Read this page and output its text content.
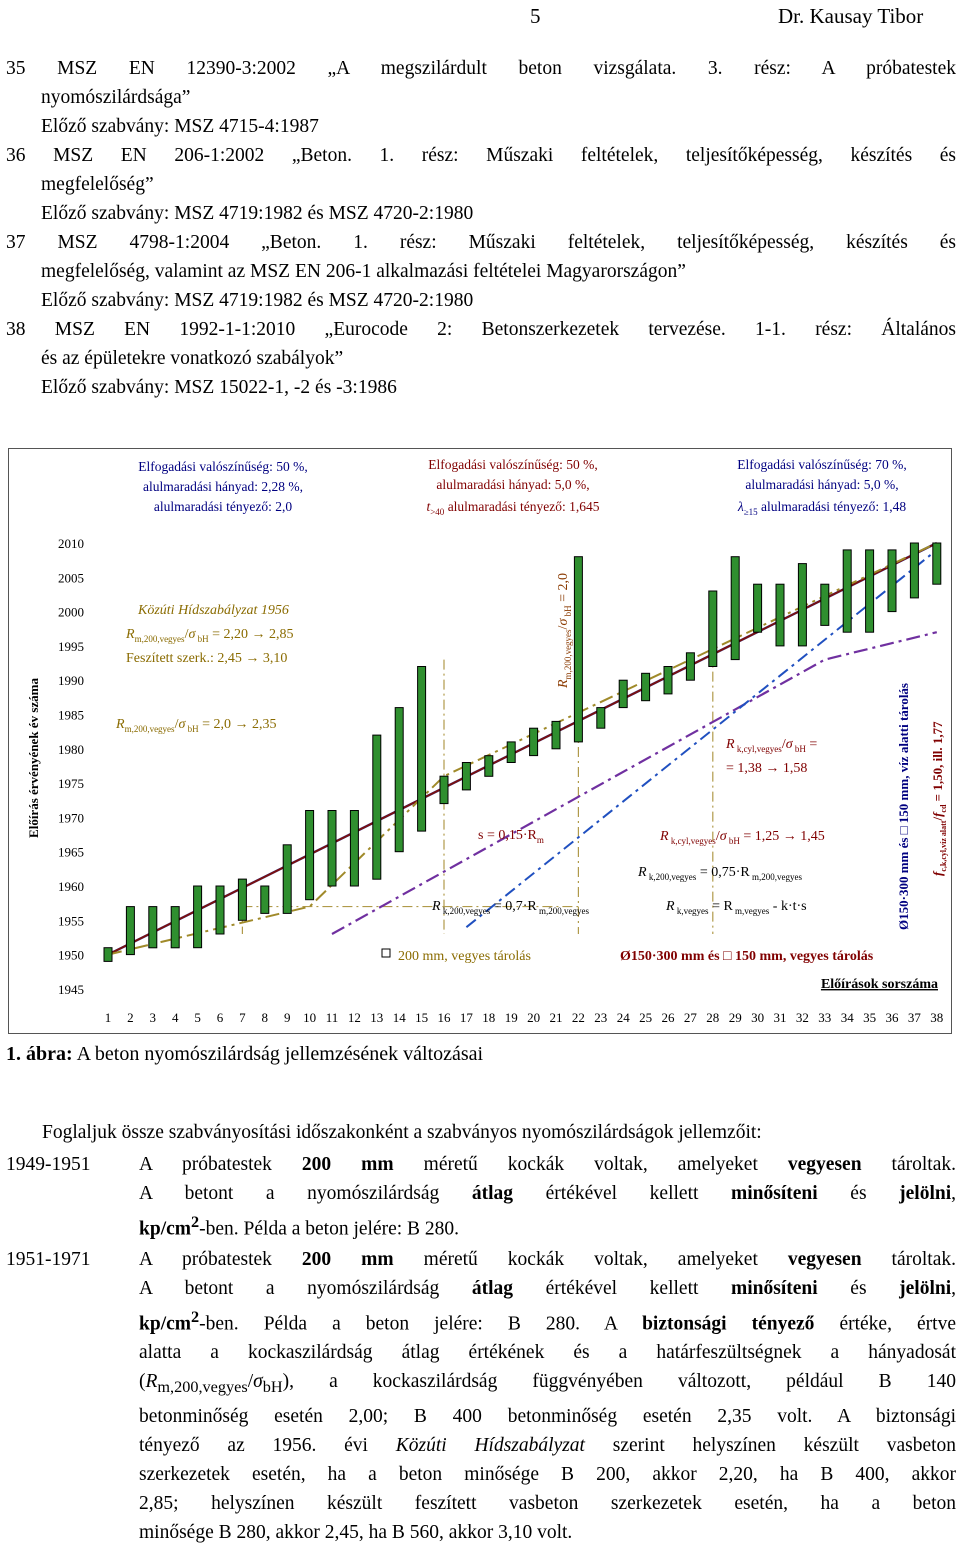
5	Dr. Kausay Tibor

35 MSZ EN 12390-3:2002 „A megszilárdult beton vizsgálata. 3. rész: A próbatestek

nyomószilárdsága”

Előző szabvány: MSZ 4715-4:1987

36 MSZ EN 206-1:2002 „Beton. 1. rész: Műszaki feltételek, teljesítőképesség, készítés és

megfelelőség”

Előző szabvány: MSZ 4719:1982 és MSZ 4720-2:1980

37 MSZ 4798-1:2004 „Beton. 1. rész: Műszaki feltételek, teljesítőképesség, készítés és

megfelelőség, valamint az MSZ EN 206-1 alkalmazási feltételei Magyarországon”

Előző szabvány: MSZ 4719:1982 és MSZ 4720-2:1980

38 MSZ EN 1992-1-1:2010 „Eurocode 2: Betonszerkezetek tervezése. 1-1. rész: Általános

és az épületekre vonatkozó szabályok”

Előző szabvány: MSZ 15022-1, -2 és -3:1986

2010
2005
2000
1995
1990
1985
1980
1975
1970
1965
1960
1955
1950
1945
1 2 3 4 5 6 7 8 9 10 11 12 13 14 15 16 17 18 19 20 21 22 23 24 25 26 27 28 29 30 31 32 33 34 35 36 37 38
Előírás érvényének év száma
Előírások sorszáma
Elfogadási valószínűség: 50 %,
alulmaradási hányad: 2,28 %,
alulmaradási tényező: 2,0
Elfogadási valószínűség: 50 %,
alulmaradási hányad: 5,0 %,
$t_{>40}$ alulmaradási tényező: 1,645
Elfogadási valószínűség: 70 %,
alulmaradási hányad: 5,0 %,
$\lambda_{\ge 15}$ alulmaradási tényező: 1,48
Közúti Hídszabályzat 1956
$R_{m,200,vegyes}/\sigma$ $_{bH}$ = 2,20 → 2,85
Feszített szerk.: 2,45 → 3,10
$R_{m,200,vegyes}/\sigma$ $_{bH}$ = 2,0 → 2,35
$R_{m,200,vegyes}/\sigma$ $_{bH}$ = 2,0
$s = 0,15\cdot R_m$
R $_{k,200,vegyes}$ = 0,7·R $_{m,200,vegyes}$
R $_{k,cyl,vegyes}$/σ $_{bH}$ =
= 1,38 → 1,58
R $_{k,cyl,vegyes}$/σ $_{bH}$ = 1,25 → 1,45
R $_{k,200,vegyes}$ = 0,75·R $_{m,200,vegyes}$
R $_{k,vegyes}$ = R $_{m,vegyes}$ - k·t·s	Ø150·300 mm és □ 150 mm, víz alatti tárolás $f_{c,k,cyl,víz alatt}/f_{cd} = 1,50$, ill. 1,77
200 mm, vegyes tárolás	Ø150·300 mm és □ 150 mm, vegyes tárolás
1. ábra: A beton nyomószilárdság jellemzésének változásai

Foglaljuk össze szabványosítási időszakonként a szabványos nyomószilárdságok jellemzőit:

1949-1951	A próbatestek 200 mm méretű kockák voltak, amelyeket vegyesen tároltak.
A betont a nyomószilárdság átlag értékével kellett minősíteni és jelölni,
$kp/cm^2$-ben. Példa a beton jelére: B 280.
1951-1971	A próbatestek 200 mm méretű kockák voltak, amelyeket vegyesen tároltak.
A betont a nyomószilárdság átlag értékével kellett minősíteni és jelölni,
$kp/cm^2$-ben. Példa a beton jelére: B 280. A biztonsági tényező értéke, értve
alatta a kockaszilárdság átlag értékének és a határfeszültségnek a hányadosát
$(R_{m,200,vegyes}/\sigma_{bH})$, a kockaszilárdság függvényében változott, például B 140
betonminőség esetén 2,00; B 400 betonminőség esetén 2,35 volt. A biztonsági
tényező az 1956. évi Közúti Hídszabályzat szerint helyszínen készült vasbeton
szerkezetek esetén, ha a beton minősége B 200, akkor 2,20, ha B 400, akkor
2,85; helyszínen készült feszített vasbeton szerkezetek esetén, ha a beton
minősége B 280, akkor 2,45, ha B 560, akkor 3,10 volt.
